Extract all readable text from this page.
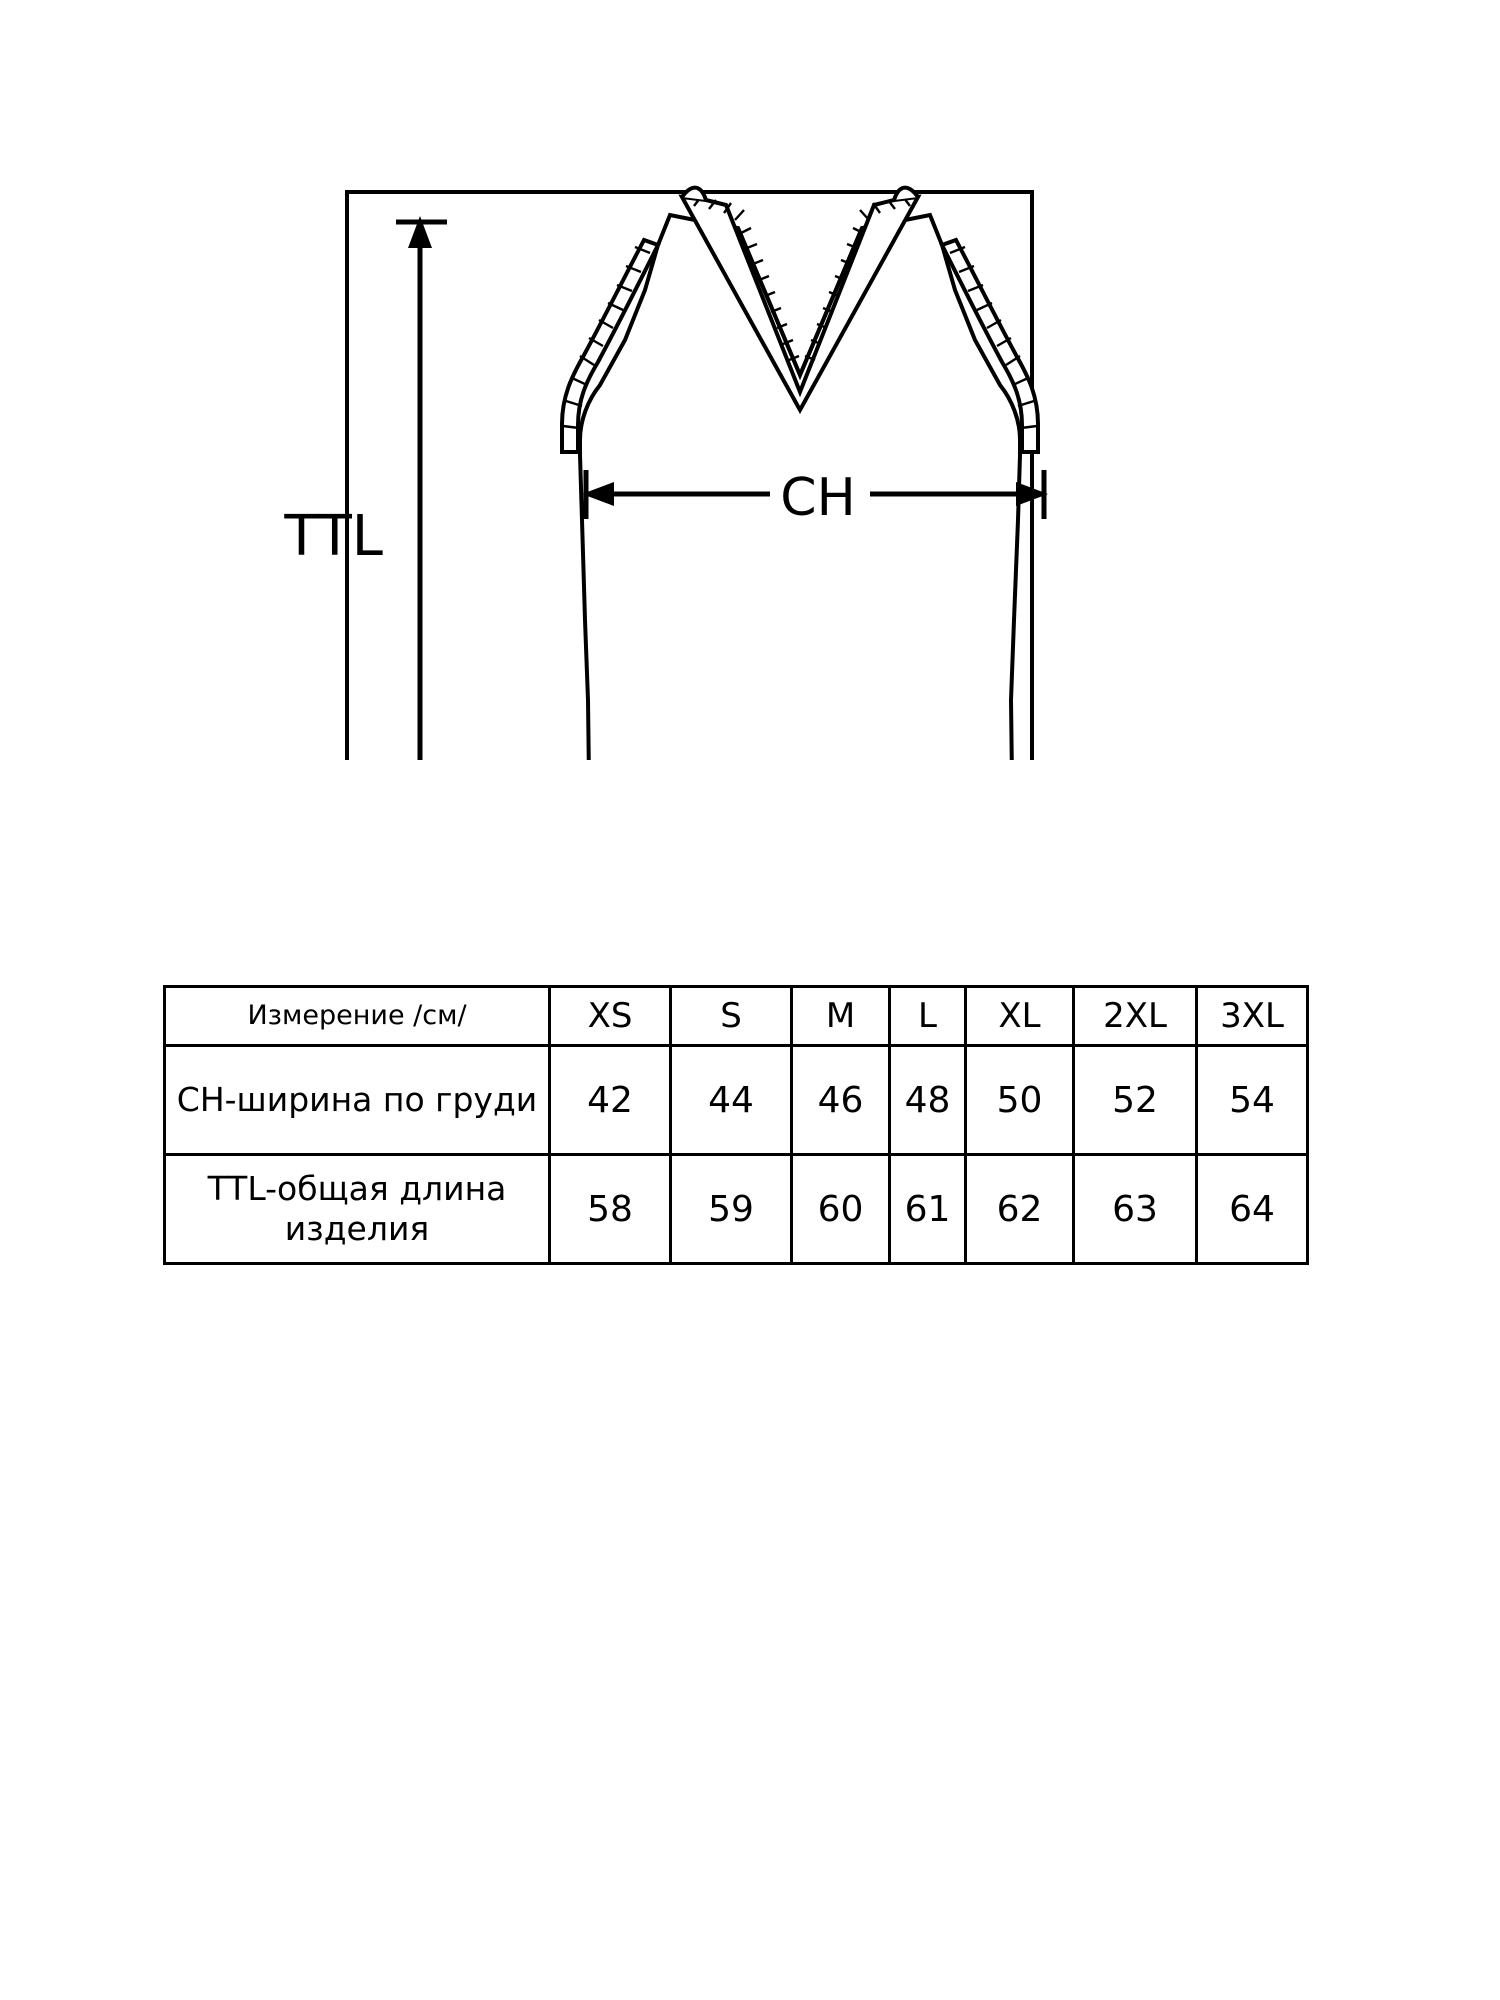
TTL
CH
Измерение /см/	XS	S	M	L	XL	2XL	3XL
CH-ширина по груди	42	44	46	48	50	52	54
TTL-общая длина изделия	58	59	60	61	62	63	64
